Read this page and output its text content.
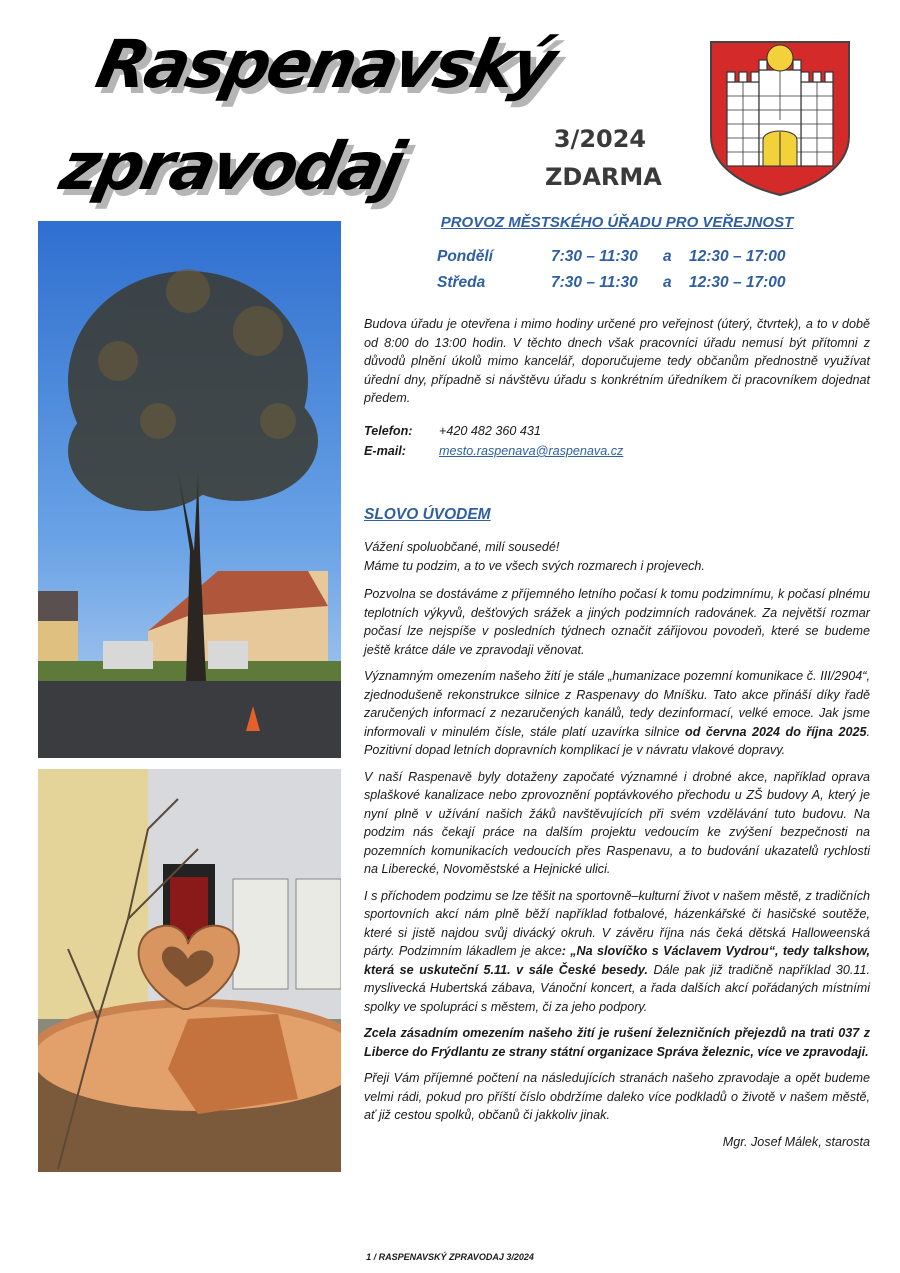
Raspenavský
zpravodaj	3/2024
ZDARMA
PROVOZ MĚSTSKÉHO ÚŘADU PRO VEŘEJNOST
Pondělí	7:30 – 11:30	a	12:30 – 17:00
Středa	7:30 – 11:30	a	12:30 – 17:00

Budova úřadu je otevřena i mimo hodiny určené pro veřejnost (úterý, čtvrtek), a to v době od 8:00 do 13:00 hodin. V těchto dnech však pracovníci úřadu nemusí být přítomni z důvodů plnění úkolů mimo kancelář, doporučujeme tedy občanům přednostně využívat úřední dny, případně si návštěvu úřadu s konkrétním úředníkem či pracovníkem dojednat předem.

Telefon:	+420 482 360 431
E-mail:	mesto.raspenava@raspenava.cz
SLOVO ÚVODEM

Vážení spoluobčané, milí sousedé!
Máme tu podzim, a to ve všech svých rozmarech i projevech.

Pozvolna se dostáváme z příjemného letního počasí k tomu podzimnímu, k počasí plnému teplotních výkyvů, dešťových srážek a jiných podzimních radovánek. Za největší rozmar počasí lze nejspíše v posledních týdnech označit zářijovou povodeň, které se budeme ještě krátce dále ve zpravodaji věnovat.

Významným omezením našeho žití je stále „humanizace pozemní komunikace č. III/2904“, zjednodušeně rekonstrukce silnice z Raspenavy do Mníšku. Tato akce přináší díky řadě zaručených informací z nezaručených kanálů, tedy dezinformací, velké emoce. Jak jsme informovali v minulém čísle, stále platí uzavírka silnice od června 2024 do října 2025. Pozitivní dopad letních dopravních komplikací je v návratu vlakové dopravy.

V naší Raspenavě byly dotaženy započaté významné i drobné akce, například oprava splaškové kanalizace nebo zprovoznění poptávkového přechodu u ZŠ budovy A, který je nyní plně v užívání našich žáků navštěvujících při svém vzdělávání tuto budovu. Na podzim nás čekají práce na dalším projektu vedoucím ke zvýšení bezpečnosti na pozemních komunikacích vedoucích přes Raspenavu, a to budování ukazatelů rychlosti na Liberecké, Novoměstské a Hejnické ulici.

I s příchodem podzimu se lze těšit na sportovně–kulturní život v našem městě, z tradičních sportovních akcí nám plně běží například fotbalové, házenkářské či hasičské soutěže, které si jistě najdou svůj divácký okruh. V závěru října nás čeká dětská Halloweenská párty. Podzimním lákadlem je akce: „Na slovíčko s Václavem Vydrou“, tedy talkshow, která se uskuteční 5.11. v sále České besedy. Dále pak již tradičně například 30.11. myslivecká Hubertská zábava, Vánoční koncert, a řada dalších akcí pořádaných místními spolky ve spolupráci s městem, či za jeho podpory.

Zcela zásadním omezením našeho žití je rušení železničních přejezdů na trati 037 z Liberce do Frýdlantu ze strany státní organizace Správa železnic, více ve zpravodaji.

Přeji Vám příjemné počtení na následujících stranách našeho zpravodaje a opět budeme velmi rádi, pokud pro příští číslo obdržíme daleko více podkladů o životě v našem městě, ať již cestou spolků, občanů či jakkoliv jinak.

Mgr. Josef Málek, starosta

1 / RASPENAVSKÝ ZPRAVODAJ 3/2024
